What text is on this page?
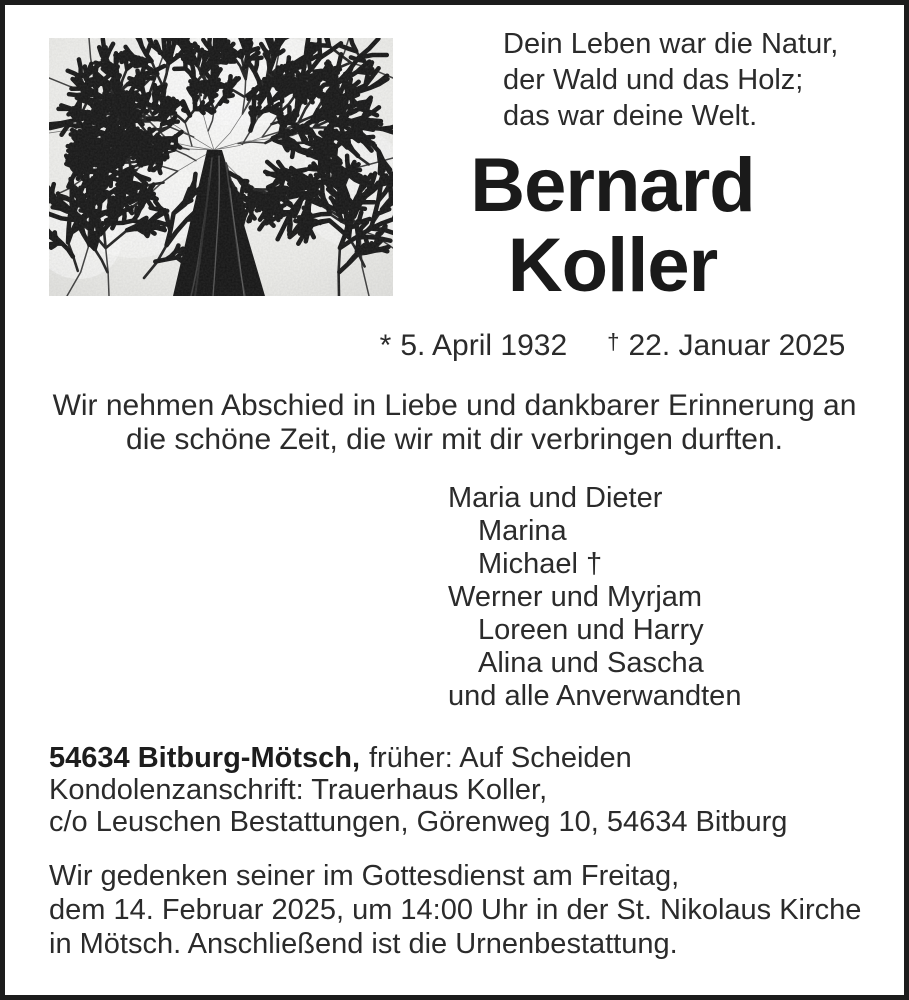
Dein Leben war die Natur,
der Wald und das Holz;
das war deine Welt.
Bernard
Koller
* 5. April 1932 † 22. Januar 2025
Wir nehmen Abschied in Liebe und dankbarer Erinnerung an
die schöne Zeit, die wir mit dir verbringen durften.
Maria und Dieter
Marina
Michael †
Werner und Myrjam
Loreen und Harry
Alina und Sascha
und alle Anverwandten
54634 Bitburg-Mötsch, früher: Auf Scheiden
Kondolenzanschrift: Trauerhaus Koller,
c/o Leuschen Bestattungen, Görenweg 10, 54634 Bitburg
Wir gedenken seiner im Gottesdienst am Freitag,
dem 14. Februar 2025, um 14:00 Uhr in der St. Nikolaus Kirche
in Mötsch. Anschließend ist die Urnenbestattung.
